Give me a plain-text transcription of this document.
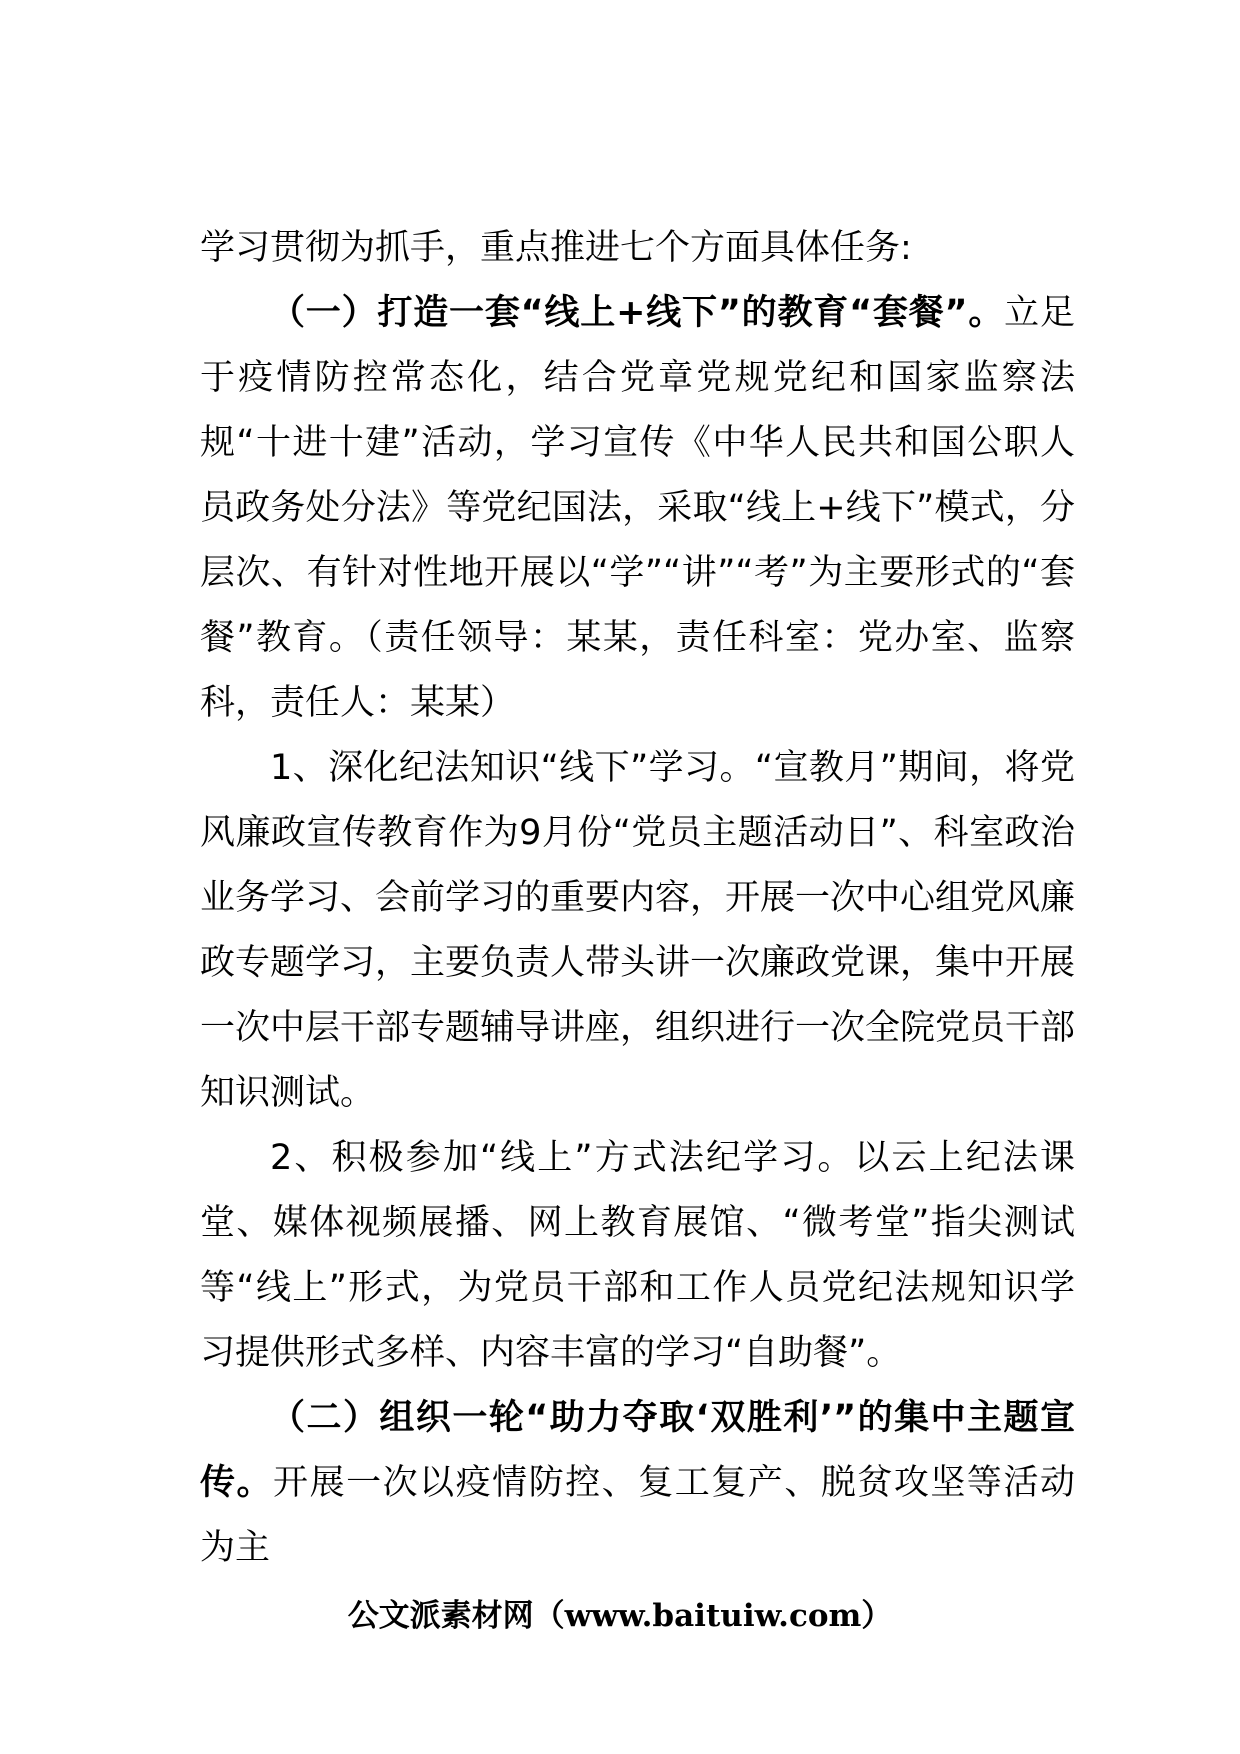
学习贯彻为抓手，重点推进七个方面具体任务:

（一）打造一套“线上+线下”的教育“套餐”。立足于疫情防控常态化，结合党章党规党纪和国家监察法规“十进十建”活动，学习宣传《中华人民共和国公职人员政务处分法》等党纪国法，采取“线上+线下”模式，分层次、有针对性地开展以“学”“讲”“考”为主要形式的“套餐”教育。（责任领导：某某，责任科室：党办室、监察科，责任人：某某）

1、深化纪法知识“线下”学习。“宣教月”期间，将党风廉政宣传教育作为9月份“党员主题活动日”、科室政治业务学习、会前学习的重要内容，开展一次中心组党风廉政专题学习，主要负责人带头讲一次廉政党课，集中开展一次中层干部专题辅导讲座，组织进行一次全院党员干部知识测试。

2、积极参加“线上”方式法纪学习。以云上纪法课堂、媒体视频展播、网上教育展馆、“微考堂”指尖测试等“线上”形式，为党员干部和工作人员党纪法规知识学习提供形式多样、内容丰富的学习“自助餐”。

（二）组织一轮“助力夺取‘双胜利’”的集中主题宣传。开展一次以疫情防控、复工复产、脱贫攻坚等活动为主

公文派素材网（www.baituiw.com）
